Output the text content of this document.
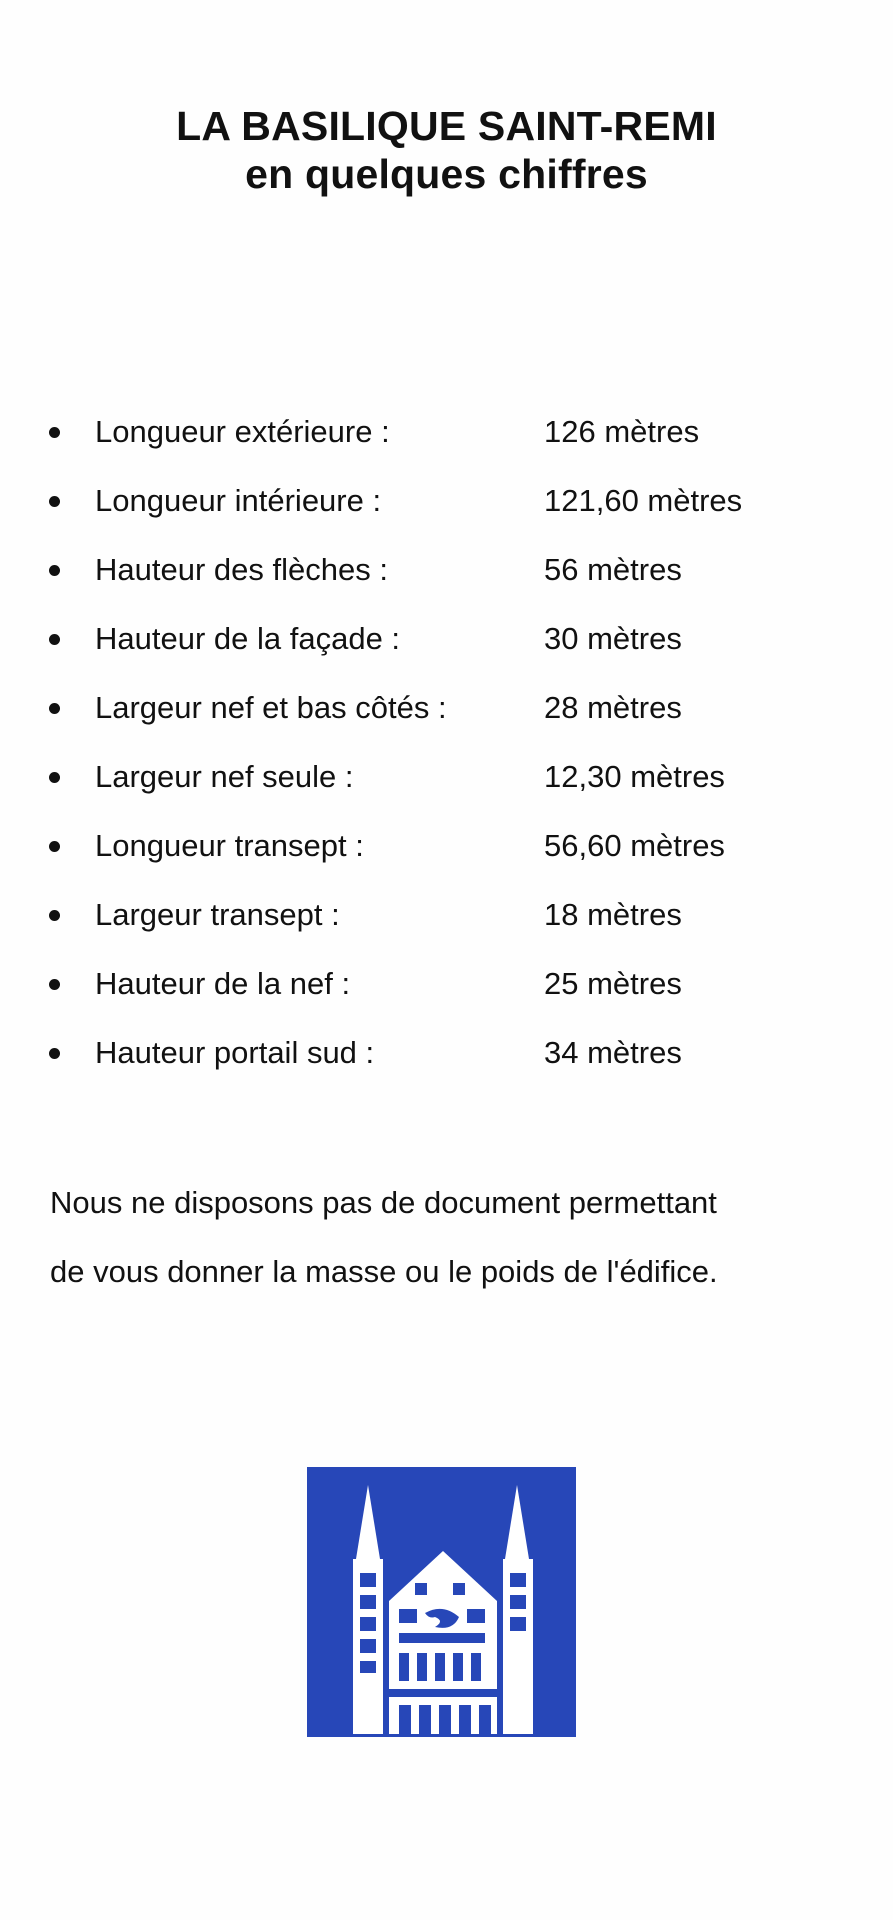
LA BASILIQUE SAINT-REMI
en quelques chiffres
Longueur extérieure :	126 mètres
Longueur intérieure :	121,60 mètres
Hauteur des flèches :	56 mètres
Hauteur de la façade :	30 mètres
Largeur nef et bas côtés :	28 mètres
Largeur nef seule :	12,30 mètres
Longueur transept :	56,60 mètres
Largeur transept :	18 mètres
Hauteur de la nef :	25 mètres
Hauteur portail sud :	34 mètres
Nous ne disposons pas de document permettant
de vous donner la masse ou le poids de l'édifice.
